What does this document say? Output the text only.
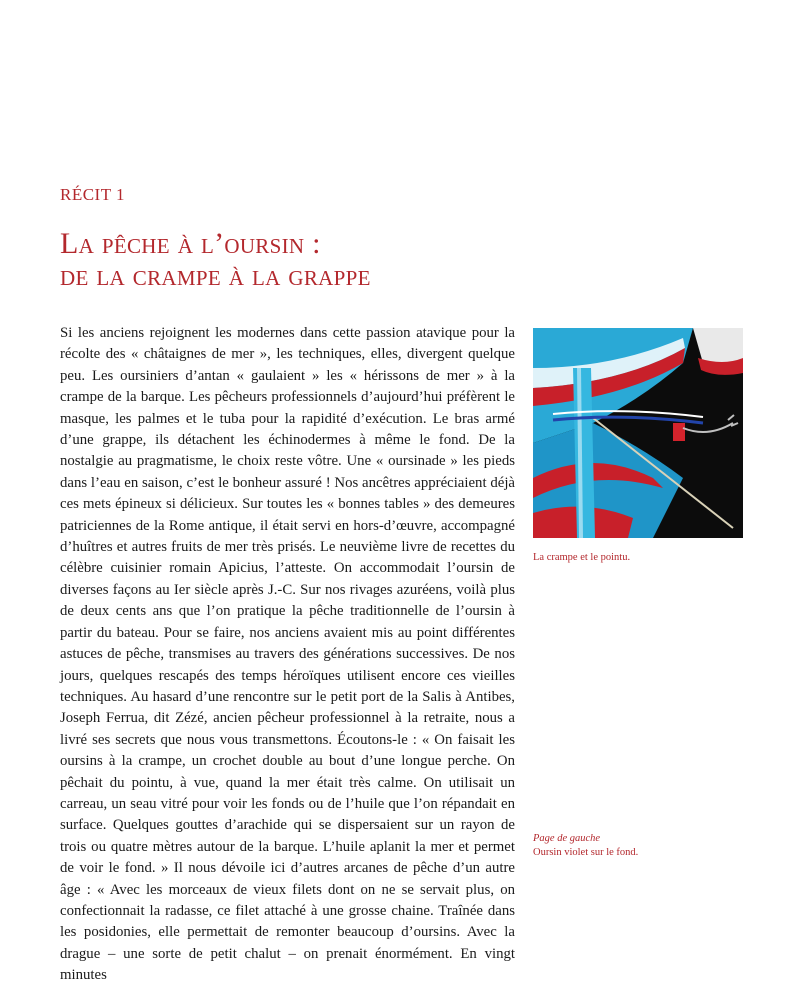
RÉCIT 1
La pêche à l’oursin :
de la crampe à la grappe

Si les anciens rejoignent les modernes dans cette passion atavique pour la récolte des « châtaignes de mer », les techniques, elles, divergent quelque peu. Les oursiniers d’antan « gaulaient » les « hérissons de mer » à la crampe de la barque. Les pêcheurs professionnels d’aujourd’hui préfèrent le masque, les palmes et le tuba pour la rapidité d’exécution. Le bras armé d’une grappe, ils détachent les échinodermes à même le fond. De la nostalgie au pragmatisme, le choix reste vôtre. Une « oursinade » les pieds dans l’eau en saison, c’est le bonheur assuré ! Nos ancêtres appréciaient déjà ces mets épineux si délicieux. Sur toutes les « bonnes tables » des demeures patriciennes de la Rome antique, il était servi en hors-d’œuvre, accompagné d’huîtres et autres fruits de mer très prisés. Le neuvième livre de recettes du célèbre cuisinier romain Apicius, l’atteste. On accommodait l’oursin de diverses façons au Ier siècle après J.-C. Sur nos rivages azuréens, voilà plus de deux cents ans que l’on pratique la pêche traditionnelle de l’oursin à partir du bateau. Pour se faire, nos anciens avaient mis au point différentes astuces de pêche, transmises au travers des générations successives. De nos jours, quelques rescapés des temps héroïques utilisent encore ces vieilles techniques. Au hasard d’une rencontre sur le petit port de la Salis à Antibes, Joseph Ferrua, dit Zézé, ancien pêcheur professionnel à la retraite, nous a livré ses secrets que nous vous transmettons. Écoutons-le : « On faisait les oursins à la crampe, un crochet double au bout d’une longue perche. On pêchait du pointu, à vue, quand la mer était très calme. On utilisait un carreau, un seau vitré pour voir les fonds ou de l’huile que l’on répandait en surface. Quelques gouttes d’arachide qui se dispersaient sur un rayon de trois ou quatre mètres autour de la barque. L’huile aplanit la mer et permet de voir le fond. » Il nous dévoile ici d’autres arcanes de pêche d’un autre âge : « Avec les morceaux de vieux filets dont on ne se servait plus, on confectionnait la radasse, ce filet attaché à une grosse chaine. Traînée dans les posidonies, elle permettait de remonter beaucoup d’oursins. Avec la drague – une sorte de petit chalut – on prenait énormément. En vingt minutes

La crampe et le pointu.
Page de gauche
Oursin violet sur le fond.
